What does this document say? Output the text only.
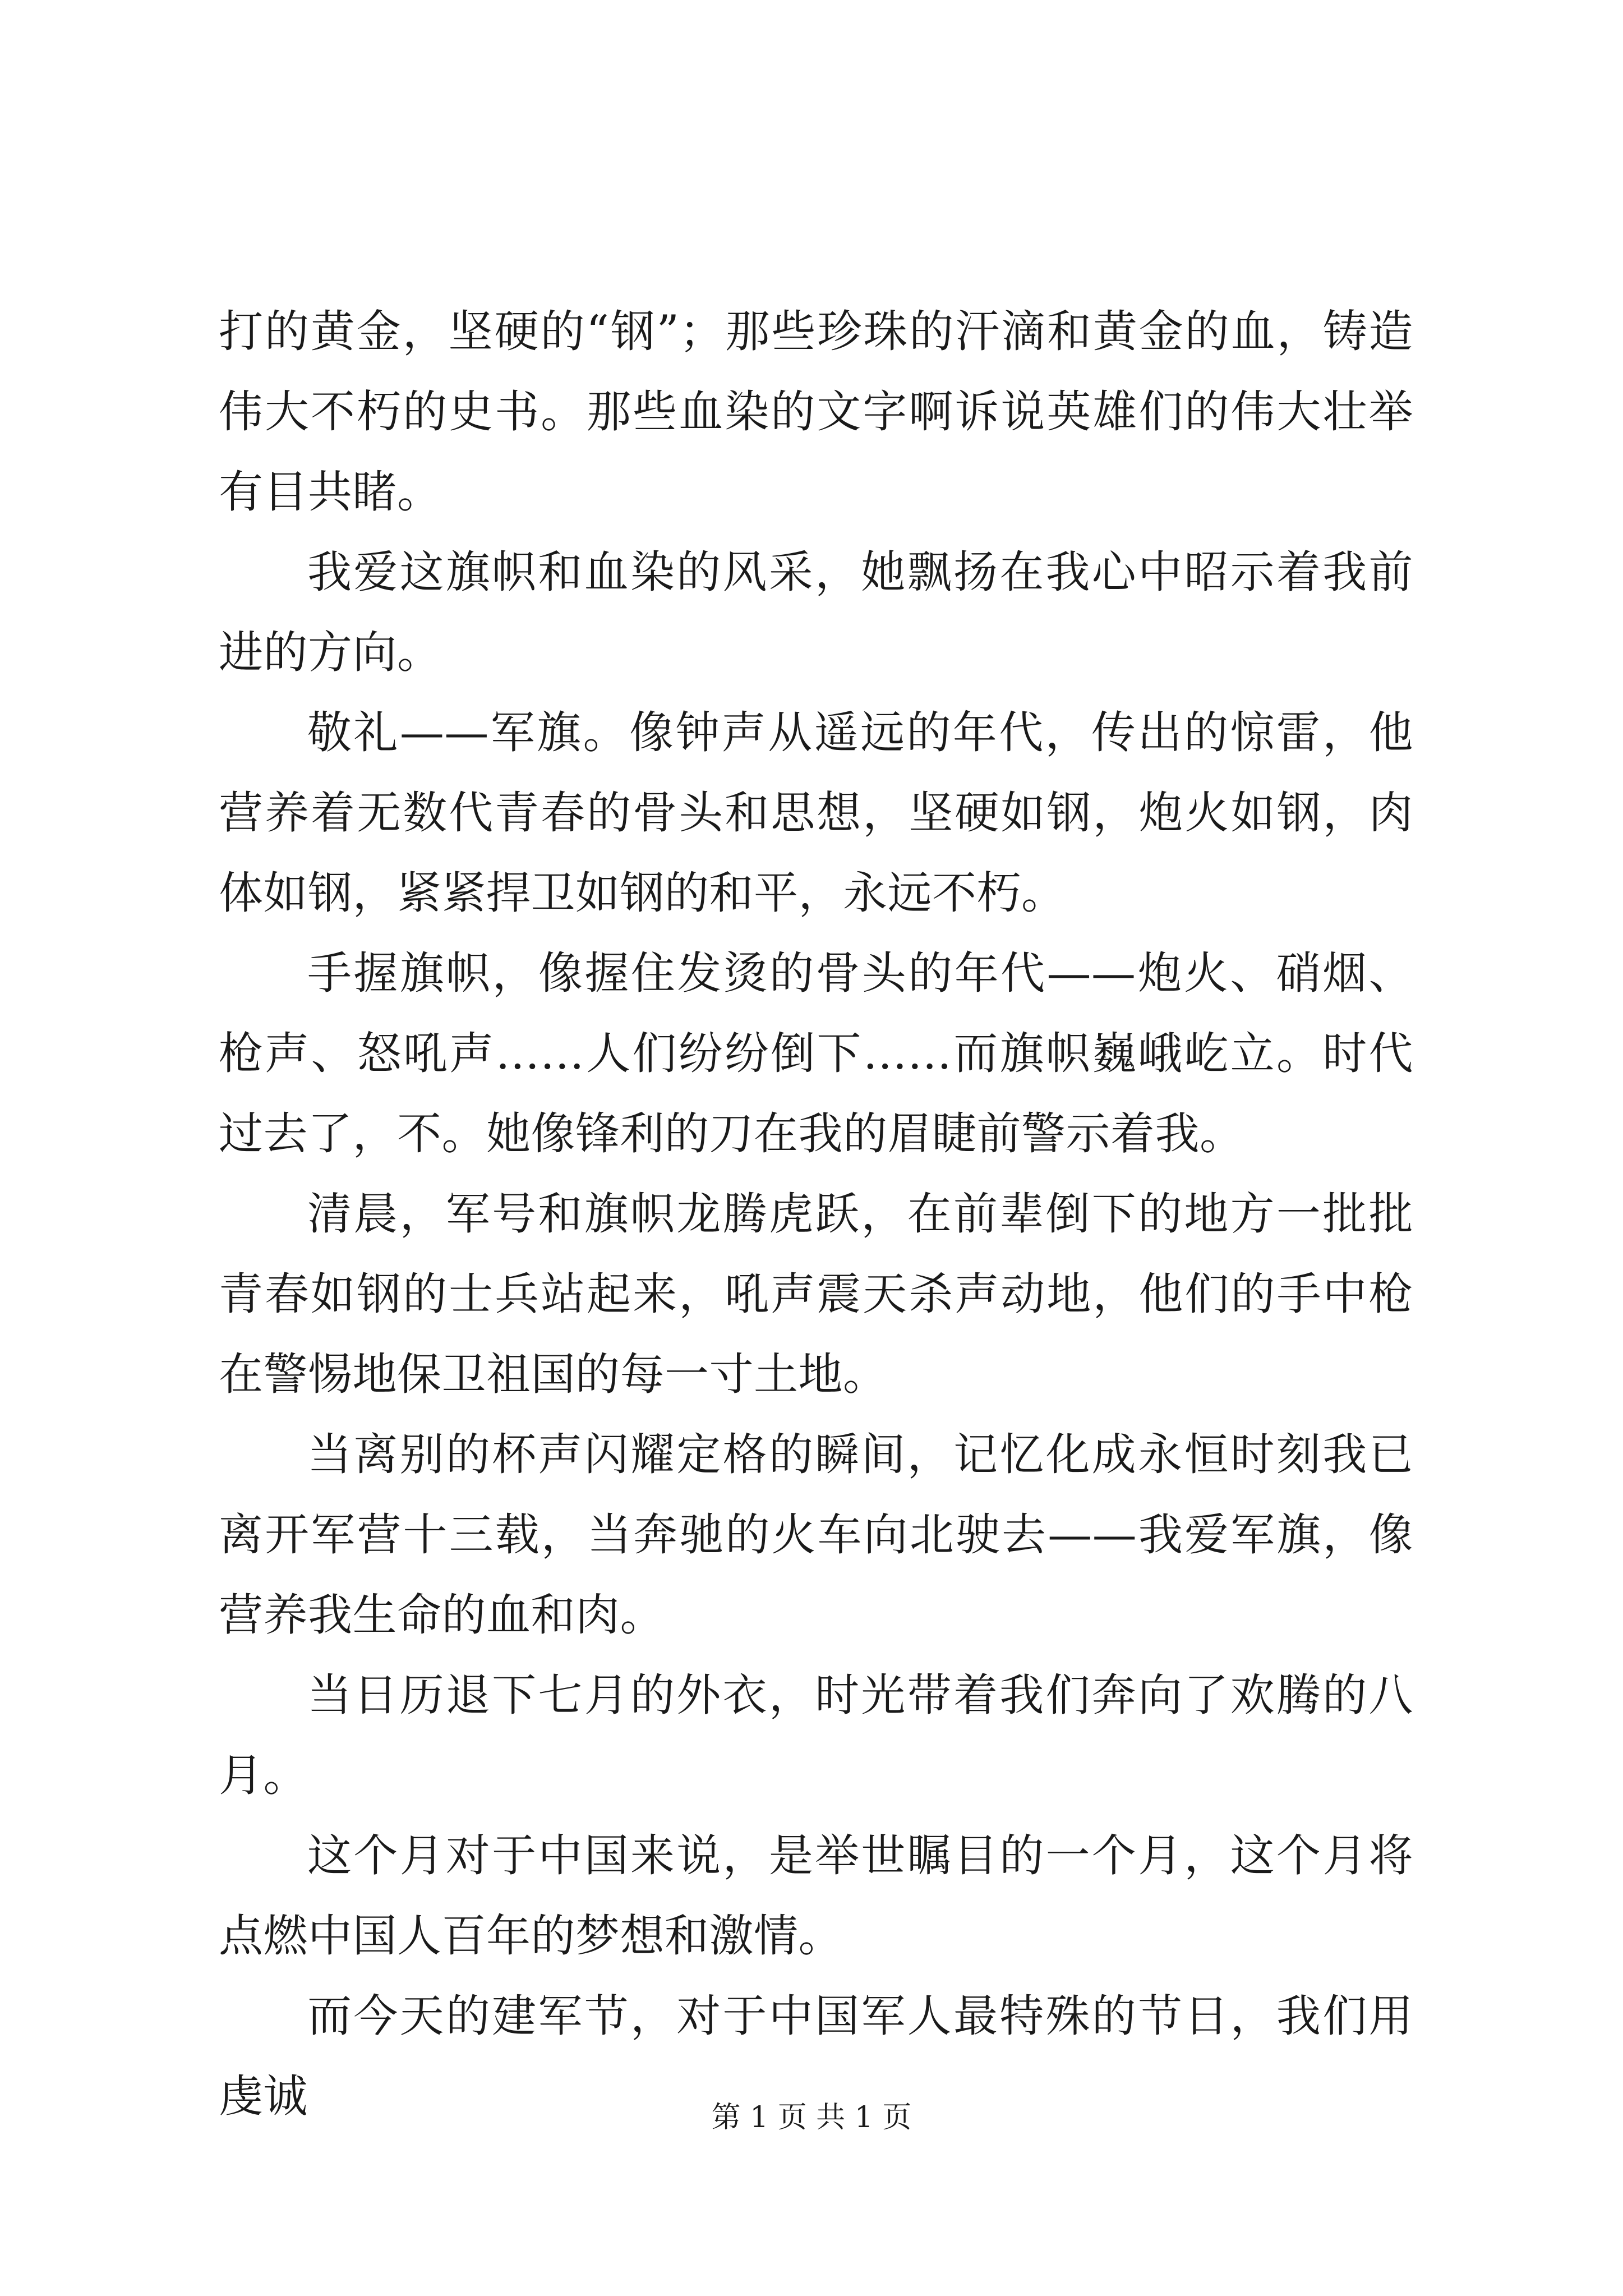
打的黄金，坚硬的“钢”；那些珍珠的汗滴和黄金的血，铸造伟大不朽的史书。那些血染的文字啊诉说英雄们的伟大壮举有目共睹。

我爱这旗帜和血染的风采，她飘扬在我心中昭示着我前进的方向。

敬礼——军旗。像钟声从遥远的年代，传出的惊雷，他营养着无数代青春的骨头和思想，坚硬如钢，炮火如钢，肉体如钢，紧紧捍卫如钢的和平，永远不朽。

手握旗帜，像握住发烫的骨头的年代——炮火、硝烟、枪声、怒吼声……人们纷纷倒下……而旗帜巍峨屹立。时代过去了，不。她像锋利的刀在我的眉睫前警示着我。

清晨，军号和旗帜龙腾虎跃，在前辈倒下的地方一批批青春如钢的士兵站起来，吼声震天杀声动地，他们的手中枪在警惕地保卫祖国的每一寸土地。

当离别的杯声闪耀定格的瞬间，记忆化成永恒时刻我已离开军营十三载，当奔驰的火车向北驶去——我爱军旗，像营养我生命的血和肉。

当日历退下七月的外衣，时光带着我们奔向了欢腾的八月。

这个月对于中国来说，是举世瞩目的一个月，这个月将点燃中国人百年的梦想和激情。

而今天的建军节，对于中国军人最特殊的节日，我们用虔诚	第 1 页 共 1 页
